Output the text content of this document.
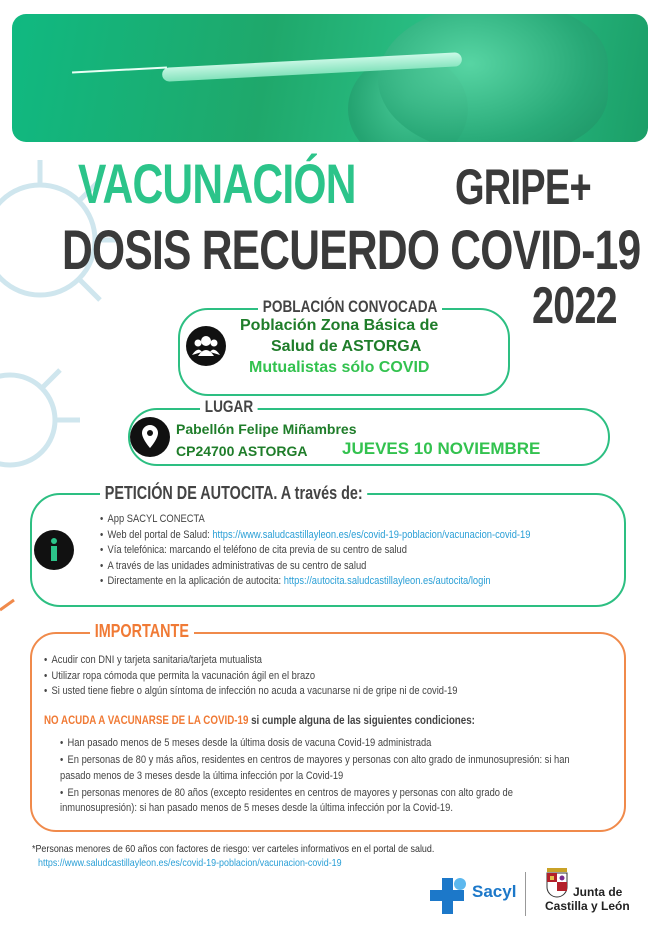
VACUNACIÓN GRIPE+
DOSIS RECUERDO COVID-19
2022
POBLACIÓN CONVOCADA
Población Zona Básica de
Salud de ASTORGA
Mutualistas sólo COVID
LUGAR
Pabellón Felipe Miñambres
CP24700 ASTORGA JUEVES 10 NOVIEMBRE
PETICIÓN DE AUTOCITA. A través de:
• App SACYL CONECTA
• Web del portal de Salud: https://www.saludcastillayleon.es/es/covid-19-poblacion/vacunacion-covid-19
• Vía telefónica: marcando el teléfono de cita previa de su centro de salud
• A través de las unidades administrativas de su centro de salud
• Directamente en la aplicación de autocita: https://autocita.saludcastillayleon.es/autocita/login
IMPORTANTE
• Acudir con DNI y tarjeta sanitaria/tarjeta mutualista
• Utilizar ropa cómoda que permita la vacunación ágil en el brazo
• Si usted tiene fiebre o algún síntoma de infección no acuda a vacunarse ni de gripe ni de covid-19
NO ACUDA A VACUNARSE DE LA COVID-19 si cumple alguna de las siguientes condiciones:
• Han pasado menos de 5 meses desde la última dosis de vacuna Covid-19 administrada
• En personas de 80 y más años, residentes en centros de mayores y personas con alto grado de inmunosupresión: si han pasado menos de 3 meses desde la última infección por la Covid-19
• En personas menores de 80 años (excepto residentes en centros de mayores y personas con alto grado de inmunosupresión): si han pasado menos de 5 meses desde la última infección por la Covid-19.
*Personas menores de 60 años con factores de riesgo: ver carteles informativos en el portal de salud.
https://www.saludcastillayleon.es/es/covid-19-poblacion/vacunacion-covid-19
Sacyl	Junta de
Castilla y León
